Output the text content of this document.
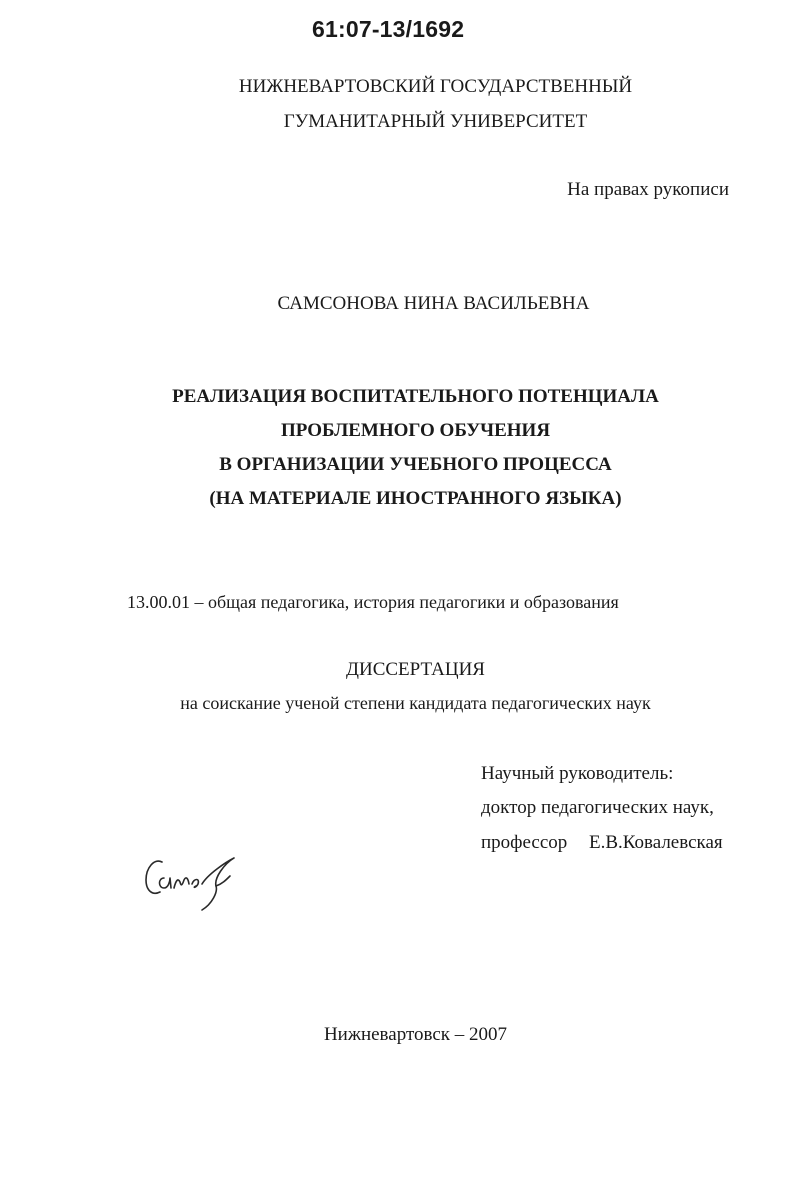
61:07-13/1692
НИЖНЕВАРТОВСКИЙ ГОСУДАРСТВЕННЫЙ
ГУМАНИТАРНЫЙ УНИВЕРСИТЕТ
На правах рукописи
САМСОНОВА НИНА ВАСИЛЬЕВНА
РЕАЛИЗАЦИЯ ВОСПИТАТЕЛЬНОГО ПОТЕНЦИАЛА
ПРОБЛЕМНОГО ОБУЧЕНИЯ
В ОРГАНИЗАЦИИ УЧЕБНОГО ПРОЦЕССА
(НА МАТЕРИАЛЕ ИНОСТРАННОГО ЯЗЫКА)
13.00.01 – общая педагогика, история педагогики и образования
ДИССЕРТАЦИЯ
на соискание ученой степени кандидата педагогических наук
Научный руководитель:
доктор педагогических наук,
профессор Е.В.Ковалевская
Нижневартовск – 2007
